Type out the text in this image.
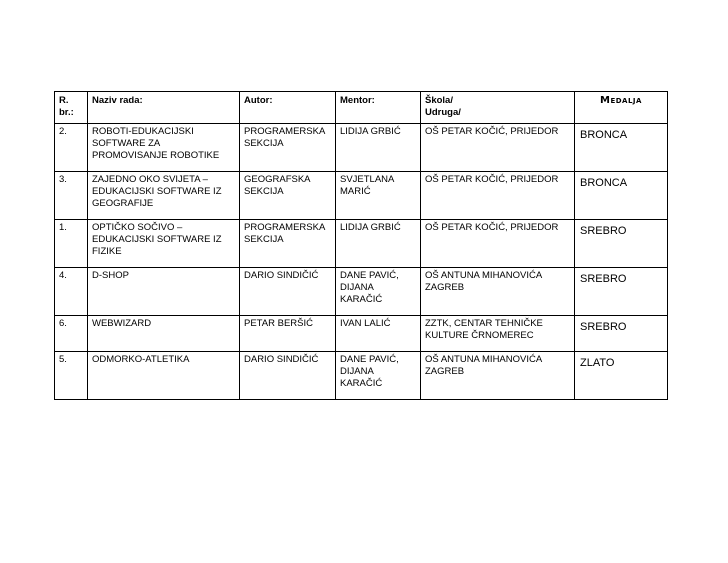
R.
br.:	Naziv rada:	Autor:	Mentor:	Škola/
Udruga/	Medalja
2.	ROBOTI-EDUKACIJSKI
SOFTWARE ZA
PROMOVISANJE ROBOTIKE	PROGRAMERSKA
SEKCIJA	LIDIJA GRBIĆ	OŠ PETAR KOČIĆ, PRIJEDOR	BRONCA
3.	ZAJEDNO OKO SVIJETA –
EDUKACIJSKI SOFTWARE IZ
GEOGRAFIJE	GEOGRAFSKA
SEKCIJA	SVJETLANA
MARIĆ	OŠ PETAR KOČIĆ, PRIJEDOR	BRONCA
1.	OPTIČKO SOČIVO –
EDUKACIJSKI SOFTWARE IZ
FIZIKE	PROGRAMERSKA
SEKCIJA	LIDIJA GRBIĆ	OŠ PETAR KOČIĆ, PRIJEDOR	SREBRO
4.	D-SHOP	DARIO SINDIČIĆ	DANE PAVIĆ,
DIJANA
KARAČIĆ	OŠ ANTUNA MIHANOVIĆA
ZAGREB	SREBRO
6.	WEBWIZARD	PETAR BERŠIĆ	IVAN LALIĆ	ZZTK, CENTAR TEHNIČKE
KULTURE ČRNOMEREC	SREBRO
5.	ODMORKO-ATLETIKA	DARIO SINDIČIĆ	DANE PAVIĆ,
DIJANA
KARAČIĆ	OŠ ANTUNA MIHANOVIĆA
ZAGREB	ZLATO
